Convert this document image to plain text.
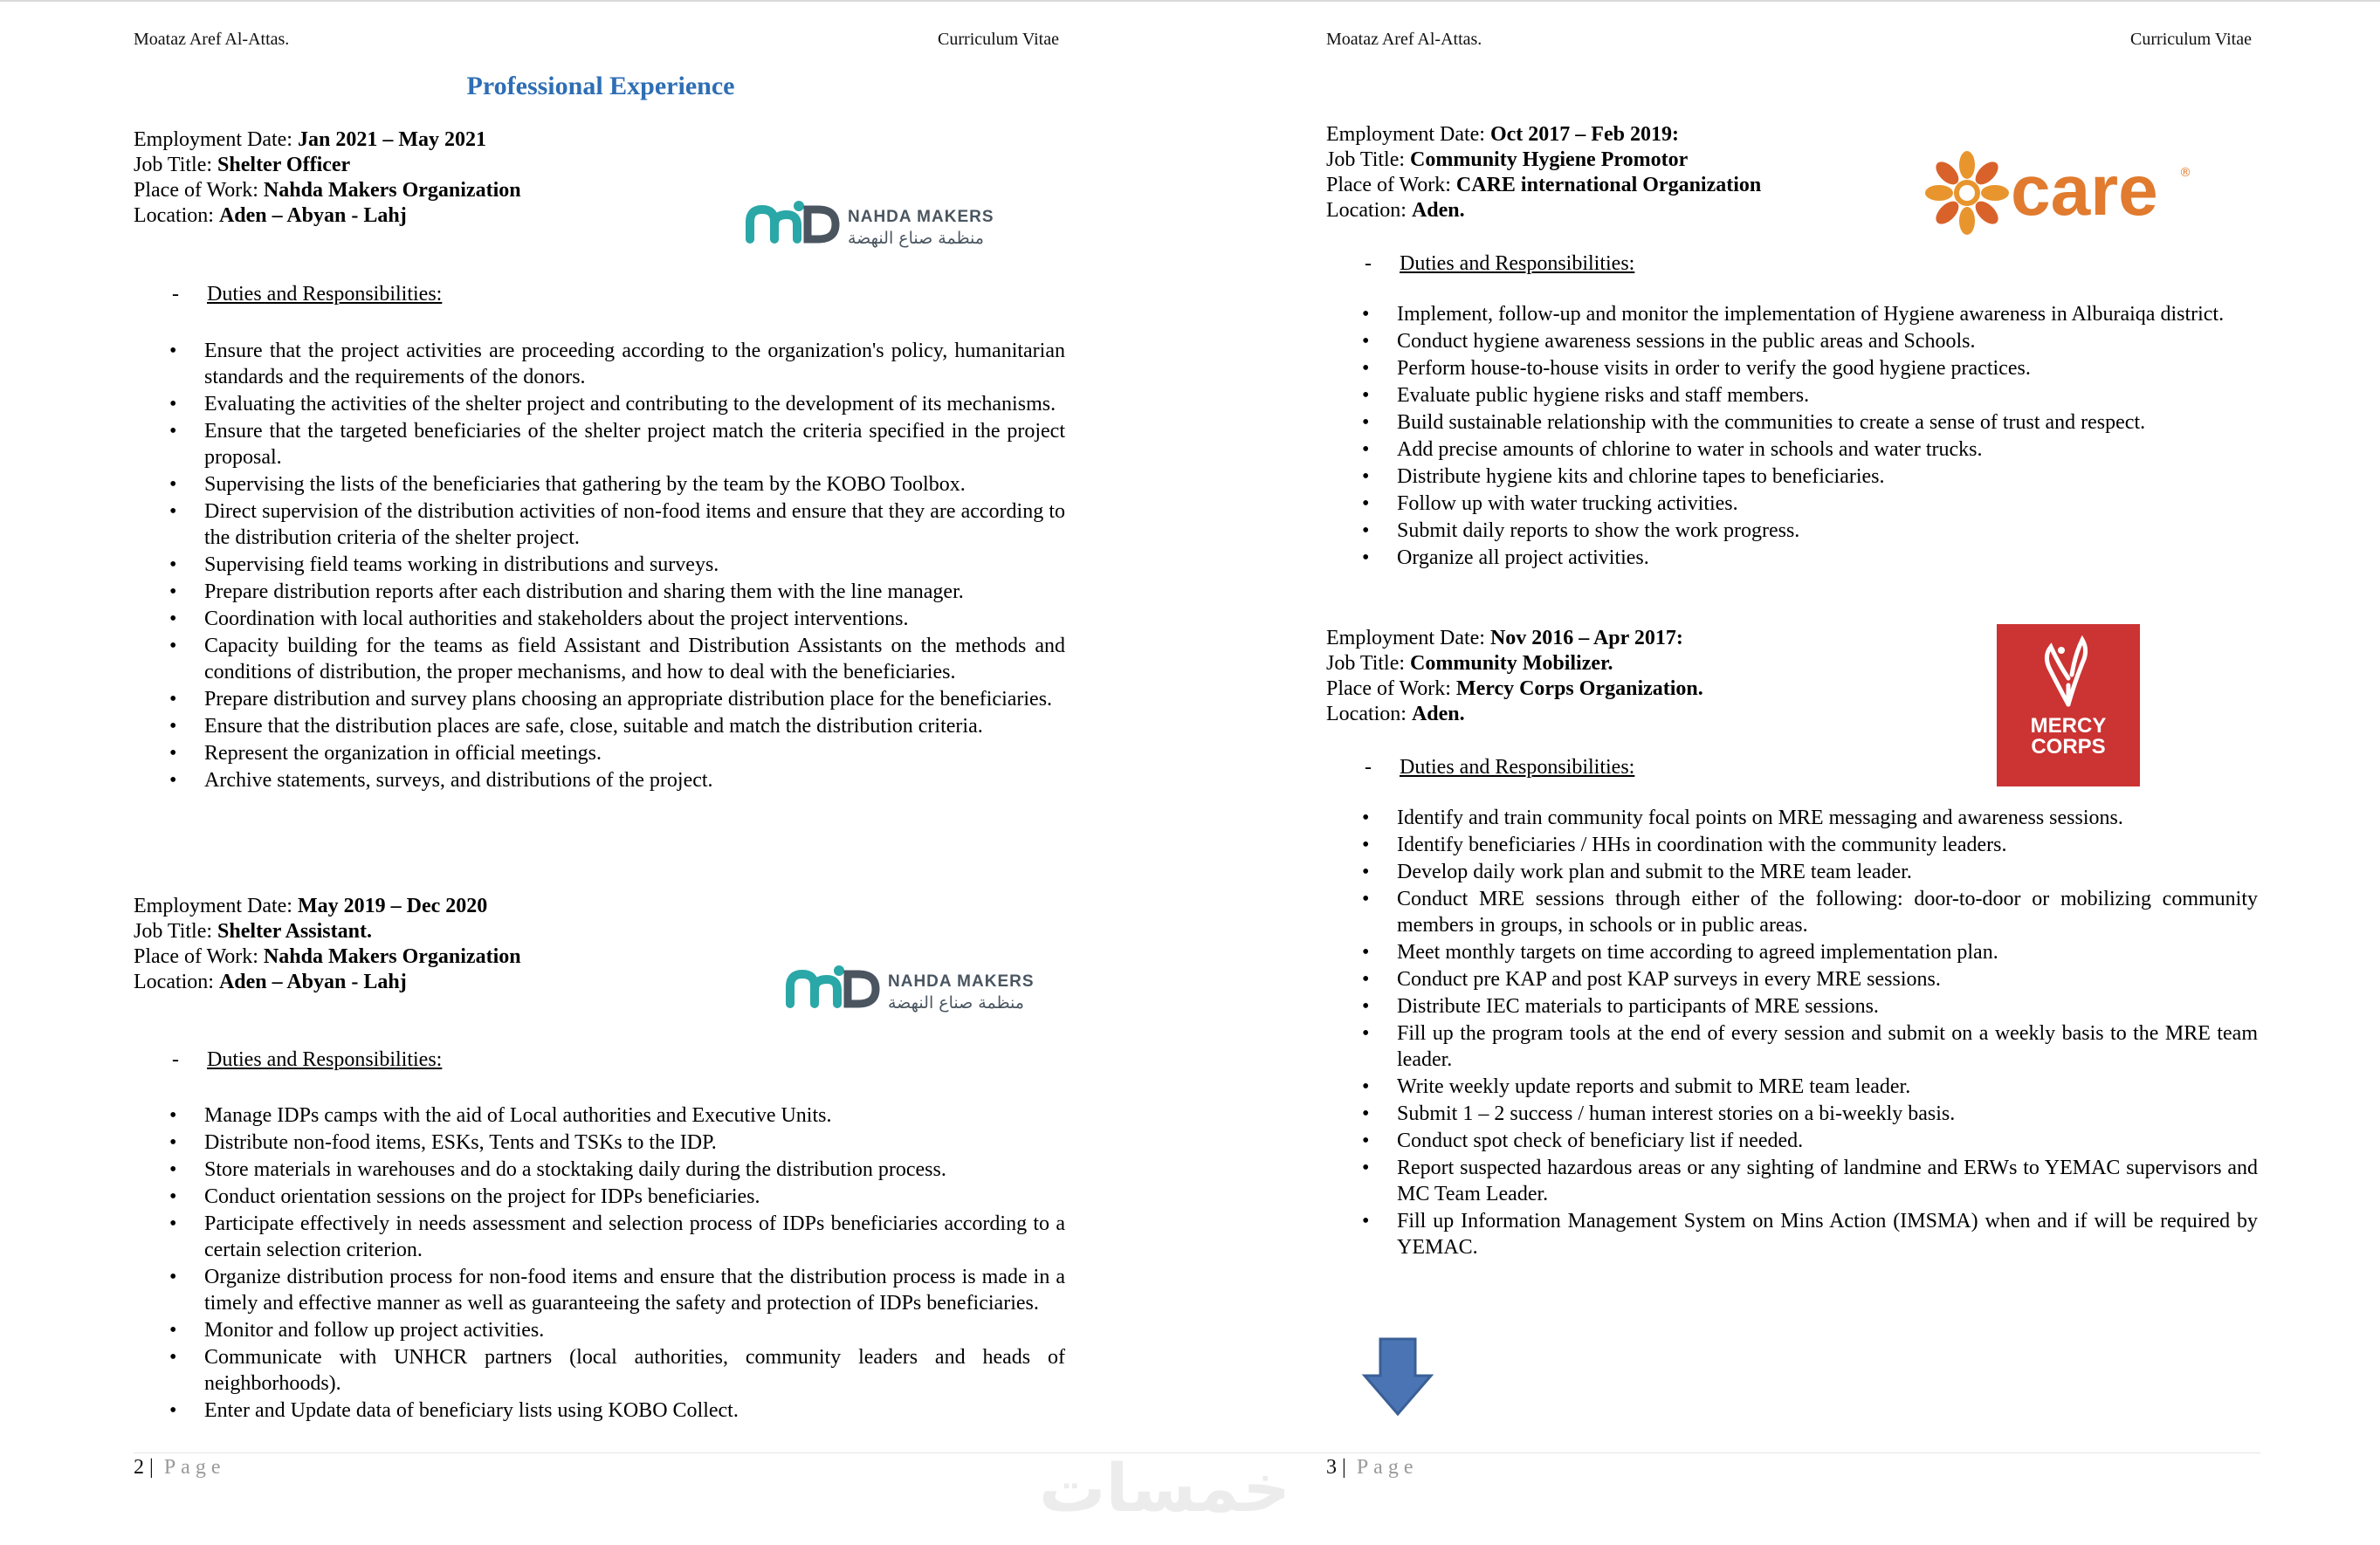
Moataz Aref Al-Attas.	Curriculum Vitae
Professional Experience
Employment Date: Jan 2021 – May 2021
Job Title: Shelter Officer
Place of Work: Nahda Makers Organization
Location: Aden – Abyan - Lahj	NAHDA MAKERS
منظمة صناع النهضة
- Duties and Responsibilities:
• Ensure that the project activities are proceeding according to the organization's policy, humanitarian standards and the requirements of the donors.
• Evaluating the activities of the shelter project and contributing to the development of its mechanisms.
• Ensure that the targeted beneficiaries of the shelter project match the criteria specified in the project proposal.
• Supervising the lists of the beneficiaries that gathering by the team by the KOBO Toolbox.
• Direct supervision of the distribution activities of non-food items and ensure that they are according to the distribution criteria of the shelter project.
• Supervising field teams working in distributions and surveys.
• Prepare distribution reports after each distribution and sharing them with the line manager.
• Coordination with local authorities and stakeholders about the project interventions.
• Capacity building for the teams as field Assistant and Distribution Assistants on the methods and conditions of distribution, the proper mechanisms, and how to deal with the beneficiaries.
• Prepare distribution and survey plans choosing an appropriate distribution place for the beneficiaries.
• Ensure that the distribution places are safe, close, suitable and match the distribution criteria.
• Represent the organization in official meetings.
• Archive statements, surveys, and distributions of the project.
Employment Date: May 2019 – Dec 2020
Job Title: Shelter Assistant.
Place of Work: Nahda Makers Organization
Location: Aden – Abyan - Lahj	NAHDA MAKERS
منظمة صناع النهضة
- Duties and Responsibilities:
• Manage IDPs camps with the aid of Local authorities and Executive Units.
• Distribute non-food items, ESKs, Tents and TSKs to the IDP.
• Store materials in warehouses and do a stocktaking daily during the distribution process.
• Conduct orientation sessions on the project for IDPs beneficiaries.
• Participate effectively in needs assessment and selection process of IDPs beneficiaries according to a certain selection criterion.
• Organize distribution process for non-food items and ensure that the distribution process is made in a timely and effective manner as well as guaranteeing the safety and protection of IDPs beneficiaries.
• Monitor and follow up project activities.
• Communicate with UNHCR partners (local authorities, community leaders and heads of neighborhoods).
• Enter and Update data of beneficiary lists using KOBO Collect.
2 | Page
Moataz Aref Al-Attas.	Curriculum Vitae
Employment Date: Oct 2017 – Feb 2019:
Job Title: Community Hygiene Promotor
Place of Work: CARE international Organization
Location: Aden.	care ®
- Duties and Responsibilities:
• Implement, follow-up and monitor the implementation of Hygiene awareness in Alburaiqa district.
• Conduct hygiene awareness sessions in the public areas and Schools.
• Perform house-to-house visits in order to verify the good hygiene practices.
• Evaluate public hygiene risks and staff members.
• Build sustainable relationship with the communities to create a sense of trust and respect.
• Add precise amounts of chlorine to water in schools and water trucks.
• Distribute hygiene kits and chlorine tapes to beneficiaries.
• Follow up with water trucking activities.
• Submit daily reports to show the work progress.
• Organize all project activities.
Employment Date: Nov 2016 – Apr 2017:
Job Title: Community Mobilizer.
Place of Work: Mercy Corps Organization.
Location: Aden.	MERCY
CORPS
- Duties and Responsibilities:
• Identify and train community focal points on MRE messaging and awareness sessions.
• Identify beneficiaries / HHs in coordination with the community leaders.
• Develop daily work plan and submit to the MRE team leader.
• Conduct MRE sessions through either of the following: door-to-door or mobilizing community members in groups, in schools or in public areas.
• Meet monthly targets on time according to agreed implementation plan.
• Conduct pre KAP and post KAP surveys in every MRE sessions.
• Distribute IEC materials to participants of MRE sessions.
• Fill up the program tools at the end of every session and submit on a weekly basis to the MRE team leader.
• Write weekly update reports and submit to MRE team leader.
• Submit 1 – 2 success / human interest stories on a bi-weekly basis.
• Conduct spot check of beneficiary list if needed.
• Report suspected hazardous areas or any sighting of landmine and ERWs to YEMAC supervisors and MC Team Leader.
• Fill up Information Management System on Mins Action (IMSMA) when and if will be required by YEMAC.
3 | Page
خمسات
